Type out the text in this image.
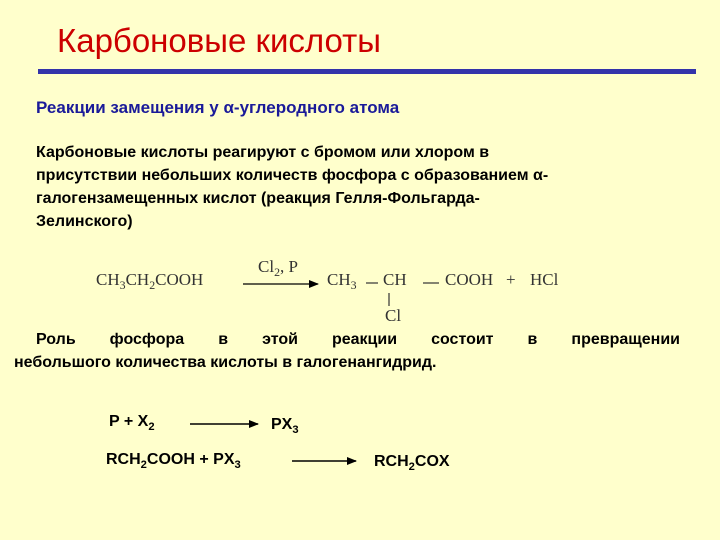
Карбоновые кислоты
Реакции замещения у α-углеродного атома
Карбоновые кислоты реагируют с бромом или хлором в
присутствии небольших количеств фосфора с образованием α-
галогензамещенных кислот (реакция Гелля-Фольгарда-
Зелинского)
$CH_3CH_2COOH$
$Cl_2$, P
$CH_3$ CH COOH + HCl
Cl
Роль фосфора в этой реакции состоит в превращении
небольшого количества кислоты в галогенангидрид.
$P + X_2$	$PX_3$
$RCH_2COOH + PX_3$	$RCH_2COX$
